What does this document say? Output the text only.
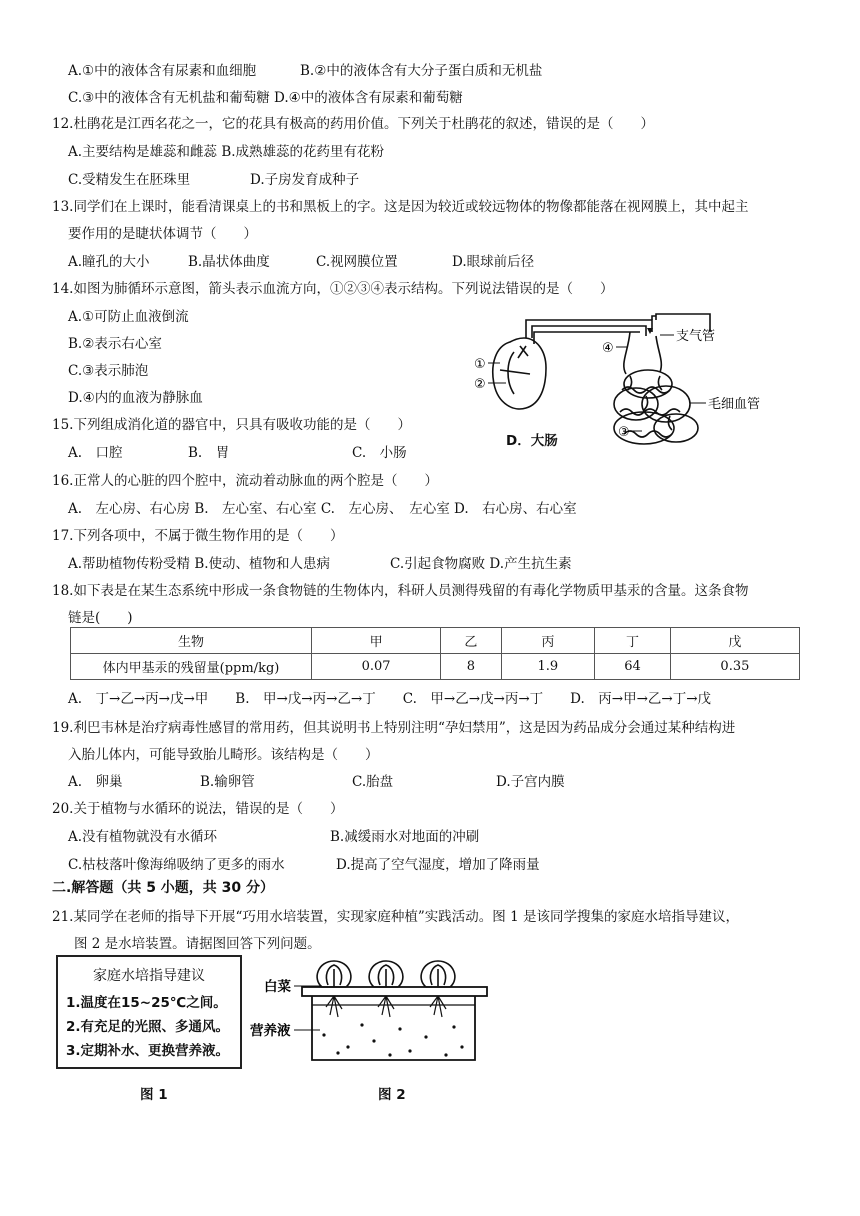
A.①中的液体含有尿素和血细胞	B.②中的液体含有大分子蛋白质和无机盐
C.③中的液体含有无机盐和葡萄糖 D.④中的液体含有尿素和葡萄糖
12.杜鹃花是江西名花之一，它的花具有极高的药用价值。下列关于杜鹃花的叙述，错误的是（　　）
A.主要结构是雄蕊和雌蕊 B.成熟雄蕊的花药里有花粉
C.受精发生在胚珠里	D.子房发育成种子
13.同学们在上课时，能看清课桌上的书和黑板上的字。这是因为较近或较远物体的物像都能落在视网膜上，其中起主
要作用的是睫状体调节（　　）
A.瞳孔的大小	B.晶状体曲度	C.视网膜位置	D.眼球前后径
14.如图为肺循环示意图，箭头表示血流方向，①②③④表示结构。下列说法错误的是（　　）
A.①可防止血液倒流
B.②表示右心室
C.③表示肺泡
D.④内的血液为静脉血
①
②
④
支气管
毛细血管
③
15.下列组成消化道的器官中，只具有吸收功能的是（　　）
A.　口腔	B.　胃	C.　小肠
D．大肠
16.正常人的心脏的四个腔中，流动着动脉血的两个腔是（　　）
A.　左心房、右心房 B.　左心室、右心室 C.　左心房、　左心室 D.　右心房、右心室
17.下列各项中，不属于微生物作用的是（　　）
A.帮助植物传粉受精 B.使动、植物和人患病	C.引起食物腐败 D.产生抗生素
18.如下表是在某生态系统中形成一条食物链的生物体内，科研人员测得残留的有毒化学物质甲基汞的含量。这条食物
链是(　　)
生物	甲	乙	丙	丁	戊
体内甲基汞的残留量(ppm/kg)	0.07	8	1.9	64	0.35
A.　丁→乙→丙→戊→甲　　B.　甲→戊→丙→乙→丁　　C.　甲→乙→戊→丙→丁　　D.　丙→甲→乙→丁→戊
19.利巴韦林是治疗病毒性感冒的常用药，但其说明书上特别注明“孕妇禁用”，这是因为药品成分会通过某种结构进
入胎儿体内，可能导致胎儿畸形。该结构是（　　）
A.　卵巢	B.输卵管	C.胎盘	D.子宫内膜
20.关于植物与水循环的说法，错误的是（　　）
A.没有植物就没有水循环	B.减缓雨水对地面的冲刷
C.枯枝落叶像海绵吸纳了更多的雨水	D.提高了空气湿度，增加了降雨量
二.解答题（共 5 小题，共 30 分）
21.某同学在老师的指导下开展“巧用水培装置，实现家庭种植”实践活动。图 1 是该同学搜集的家庭水培指导建议，
图 2 是水培装置。请据图回答下列问题。
家庭水培指导建议
1.温度在15~25℃之间。
2.有充足的光照、多通风。
3.定期补水、更换营养液。
白菜
营养液
图 1	图 2
